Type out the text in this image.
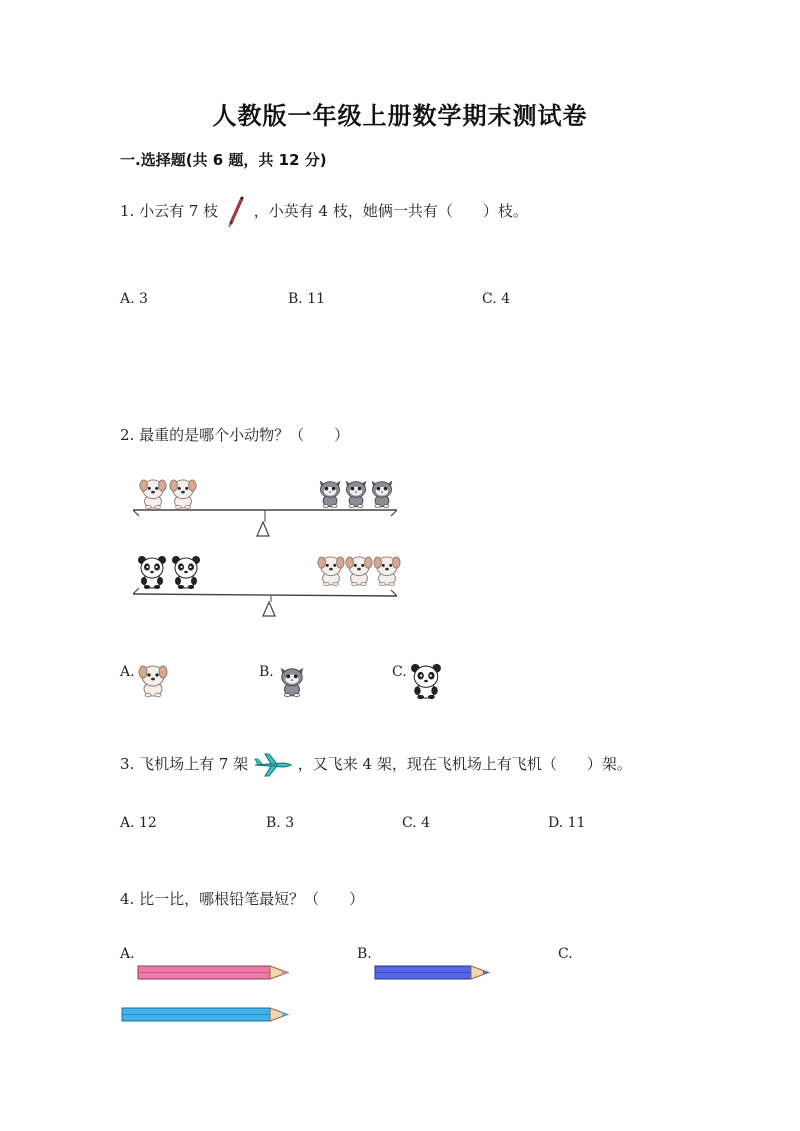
人教版一年级上册数学期末测试卷
一.选择题(共 6 题，共 12 分)
1. 小云有 7 枝 ，小英有 4 枝，她俩一共有（　　）枝。
A. 3	B. 11	C. 4
2. 最重的是哪个小动物？（　　）
A.	B.	C.
3. 飞机场上有 7 架	，又飞来 4 架，现在飞机场上有飞机（　　）架。
A. 12	B. 3	C. 4	D. 11
4. 比一比，哪根铅笔最短？（　　）
A.	B.	C.
